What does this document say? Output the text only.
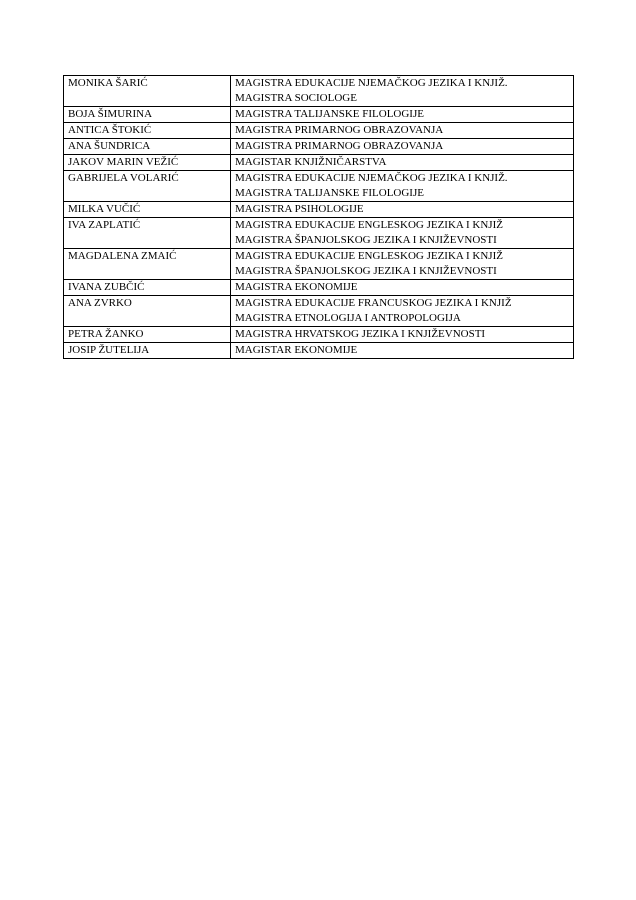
MONIKA ŠARIĆ	MAGISTRA EDUKACIJE NJEMAČKOG JEZIKA I KNJIŽ.
MAGISTRA SOCIOLOGE

BOJA ŠIMURINA	MAGISTRA TALIJANSKE FILOLOGIJE

ANTICA ŠTOKIĆ	MAGISTRA PRIMARNOG OBRAZOVANJA

ANA ŠUNDRICA	MAGISTRA PRIMARNOG OBRAZOVANJA

JAKOV MARIN VEŽIĆ	MAGISTAR KNJIŽNIČARSTVA

GABRIJELA VOLARIĆ	MAGISTRA EDUKACIJE NJEMAČKOG JEZIKA I KNJIŽ.
MAGISTRA TALIJANSKE FILOLOGIJE

MILKA VUČIĆ	MAGISTRA PSIHOLOGIJE

IVA ZAPLATIĆ	MAGISTRA EDUKACIJE ENGLESKOG JEZIKA I KNJIŽ
MAGISTRA ŠPANJOLSKOG JEZIKA I KNJIŽEVNOSTI

MAGDALENA ZMAIĆ	MAGISTRA EDUKACIJE ENGLESKOG JEZIKA I KNJIŽ
MAGISTRA ŠPANJOLSKOG JEZIKA I KNJIŽEVNOSTI

IVANA ZUBČIĆ	MAGISTRA EKONOMIJE

ANA ZVRKO	MAGISTRA EDUKACIJE FRANCUSKOG JEZIKA I KNJIŽ
MAGISTRA ETNOLOGIJA I ANTROPOLOGIJA

PETRA ŽANKO	MAGISTRA HRVATSKOG JEZIKA I KNJIŽEVNOSTI

JOSIP ŽUTELIJA	MAGISTAR EKONOMIJE
